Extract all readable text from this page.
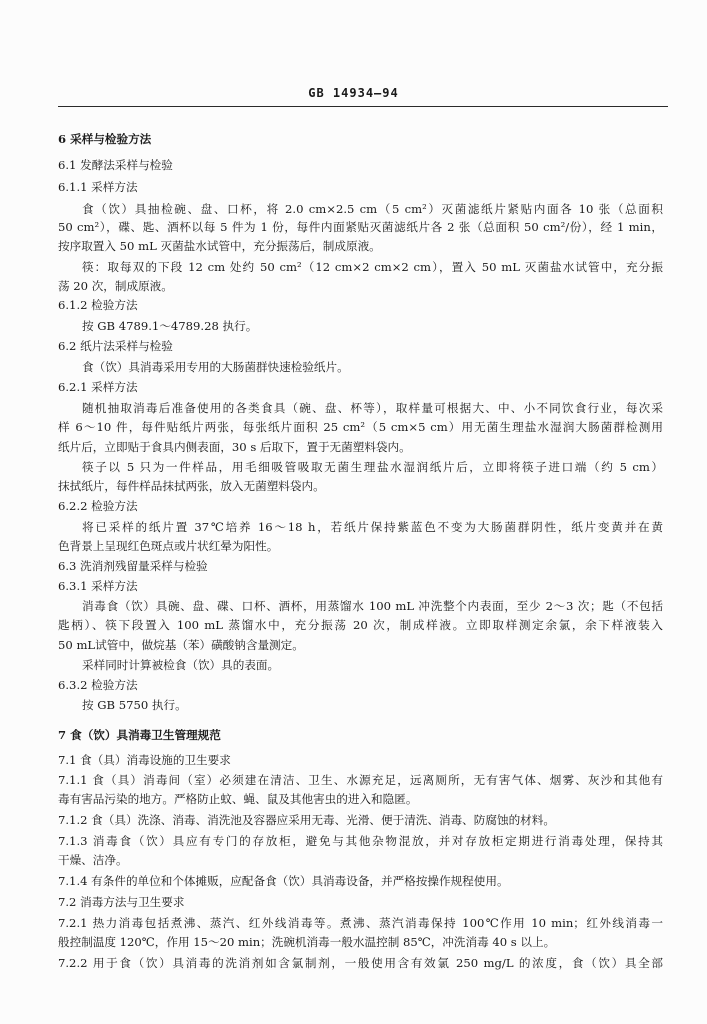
GB 14934—94
6 采样与检验方法
6.1 发酵法采样与检验
6.1.1 采样方法
食（饮）具抽检碗、盘、口杯，将 2.0 cm×2.5 cm（5 cm²）灭菌滤纸片紧贴内面各 10 张（总面积
50 cm²），碟、匙、酒杯以每 5 件为 1 份，每件内面紧贴灭菌滤纸片各 2 张（总面积 50 cm²/份），经 1 min，
按序取置入 50 mL 灭菌盐水试管中，充分振荡后，制成原液。
筷：取每双的下段 12 cm 处约 50 cm²（12 cm×2 cm×2 cm），置入 50 mL 灭菌盐水试管中，充分振
荡 20 次，制成原液。
6.1.2 检验方法
按 GB 4789.1～4789.28 执行。
6.2 纸片法采样与检验
食（饮）具消毒采用专用的大肠菌群快速检验纸片。
6.2.1 采样方法
随机抽取消毒后准备使用的各类食具（碗、盘、杯等），取样量可根据大、中、小不同饮食行业，每次采
样 6～10 件，每件贴纸片两张，每张纸片面积 25 cm²（5 cm×5 cm）用无菌生理盐水湿润大肠菌群检测用
纸片后，立即贴于食具内侧表面，30 s 后取下，置于无菌塑料袋内。
筷子以 5 只为一件样品，用毛细吸管吸取无菌生理盐水湿润纸片后，立即将筷子进口端（约 5 cm）
抹拭纸片，每件样品抹拭两张，放入无菌塑料袋内。
6.2.2 检验方法
将已采样的纸片置 37℃培养 16～18 h，若纸片保持紫蓝色不变为大肠菌群阴性，纸片变黄并在黄
色背景上呈现红色斑点或片状红晕为阳性。
6.3 洗消剂残留量采样与检验
6.3.1 采样方法
消毒食（饮）具碗、盘、碟、口杯、酒杯，用蒸馏水 100 mL 冲洗整个内表面，至少 2～3 次；匙（不包括
匙柄）、筷下段置入 100 mL 蒸馏水中，充分振荡 20 次，制成样液。立即取样测定余氯，余下样液装入
50 mL试管中，做烷基（苯）磺酸钠含量测定。
采样同时计算被检食（饮）具的表面。
6.3.2 检验方法
按 GB 5750 执行。
7 食（饮）具消毒卫生管理规范
7.1 食（具）消毒设施的卫生要求
7.1.1 食（具）消毒间（室）必须建在清洁、卫生、水源充足，远离厕所，无有害气体、烟雾、灰沙和其他有
毒有害品污染的地方。严格防止蚊、蝇、鼠及其他害虫的进入和隐匿。
7.1.2 食（具）洗涤、消毒、消洗池及容器应采用无毒、光滑、便于清洗、消毒、防腐蚀的材料。
7.1.3 消毒食（饮）具应有专门的存放柜，避免与其他杂物混放，并对存放柜定期进行消毒处理，保持其
干燥、洁净。
7.1.4 有条件的单位和个体摊贩，应配备食（饮）具消毒设备，并严格按操作规程使用。
7.2 消毒方法与卫生要求
7.2.1 热力消毒包括煮沸、蒸汽、红外线消毒等。煮沸、蒸汽消毒保持 100℃作用 10 min；红外线消毒一
般控制温度 120℃，作用 15～20 min；洗碗机消毒一般水温控制 85℃，冲洗消毒 40 s 以上。
7.2.2 用于食（饮）具消毒的洗消剂如含氯制剂，一般使用含有效氯 250 mg/L 的浓度，食（饮）具全部
